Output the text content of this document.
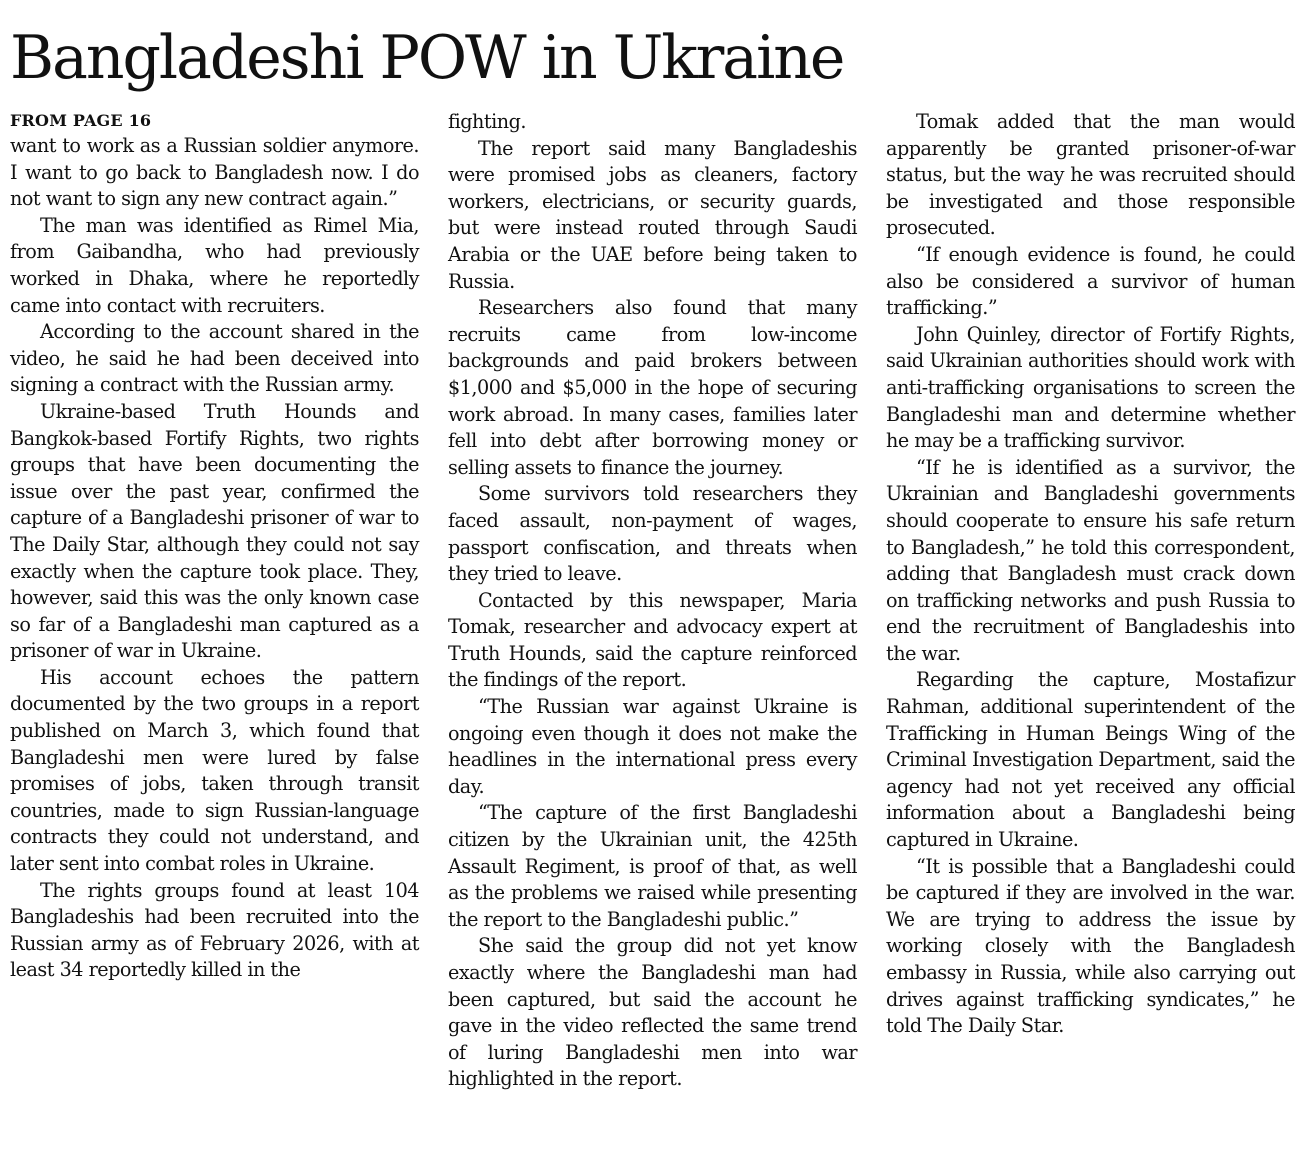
Bangladeshi POW in Ukraine

FROM PAGE 16

want to work as a Russian soldier anymore. I want to go back to Bangladesh now. I do not want to sign any new contract again.”

The man was identified as Rimel Mia, from Gaibandha, who had previously worked in Dhaka, where he reportedly came into contact with recruiters.

According to the account shared in the video, he said he had been deceived into signing a contract with the Russian army.

Ukraine-based Truth Hounds and Bangkok-based Fortify Rights, two rights groups that have been documenting the issue over the past year, confirmed the capture of a Bangladeshi prisoner of war to The Daily Star, although they could not say exactly when the capture took place. They, however, said this was the only known case so far of a Bangladeshi man captured as a prisoner of war in Ukraine.

His account echoes the pattern documented by the two groups in a report published on March 3, which found that Bangladeshi men were lured by false promises of jobs, taken through transit countries, made to sign Russian-language contracts they could not understand, and later sent into combat roles in Ukraine.

The rights groups found at least 104 Bangladeshis had been recruited into the Russian army as of February 2026, with at least 34 reportedly killed in the

fighting.

The report said many Bangladeshis were promised jobs as cleaners, factory workers, electricians, or security guards, but were instead routed through Saudi Arabia or the UAE before being taken to Russia.

Researchers also found that many recruits came from low-income backgrounds and paid brokers between $1,000 and $5,000 in the hope of securing work abroad. In many cases, families later fell into debt after borrowing money or selling assets to finance the journey.

Some survivors told researchers they faced assault, non-payment of wages, passport confiscation, and threats when they tried to leave.

Contacted by this newspaper, Maria Tomak, researcher and advocacy expert at Truth Hounds, said the capture reinforced the findings of the report.

“The Russian war against Ukraine is ongoing even though it does not make the headlines in the international press every day.

“The capture of the first Bangladeshi citizen by the Ukrainian unit, the 425th Assault Regiment, is proof of that, as well as the problems we raised while presenting the report to the Bangladeshi public.”

She said the group did not yet know exactly where the Bangladeshi man had been captured, but said the account he gave in the video reflected the same trend of luring Bangladeshi men into war highlighted in the report.

Tomak added that the man would apparently be granted prisoner-of-war status, but the way he was recruited should be investigated and those responsible prosecuted.

“If enough evidence is found, he could also be considered a survivor of human trafficking.”

John Quinley, director of Fortify Rights, said Ukrainian authorities should work with anti-trafficking organisations to screen the Bangladeshi man and determine whether he may be a trafficking survivor.

“If he is identified as a survivor, the Ukrainian and Bangladeshi governments should cooperate to ensure his safe return to Bangladesh,” he told this correspondent, adding that Bangladesh must crack down on trafficking networks and push Russia to end the recruitment of Bangladeshis into the war.

Regarding the capture, Mostafizur Rahman, additional superintendent of the Trafficking in Human Beings Wing of the Criminal Investigation Department, said the agency had not yet received any official information about a Bangladeshi being captured in Ukraine.

“It is possible that a Bangladeshi could be captured if they are involved in the war. We are trying to address the issue by working closely with the Bangladesh embassy in Russia, while also carrying out drives against trafficking syndicates,” he told The Daily Star.
